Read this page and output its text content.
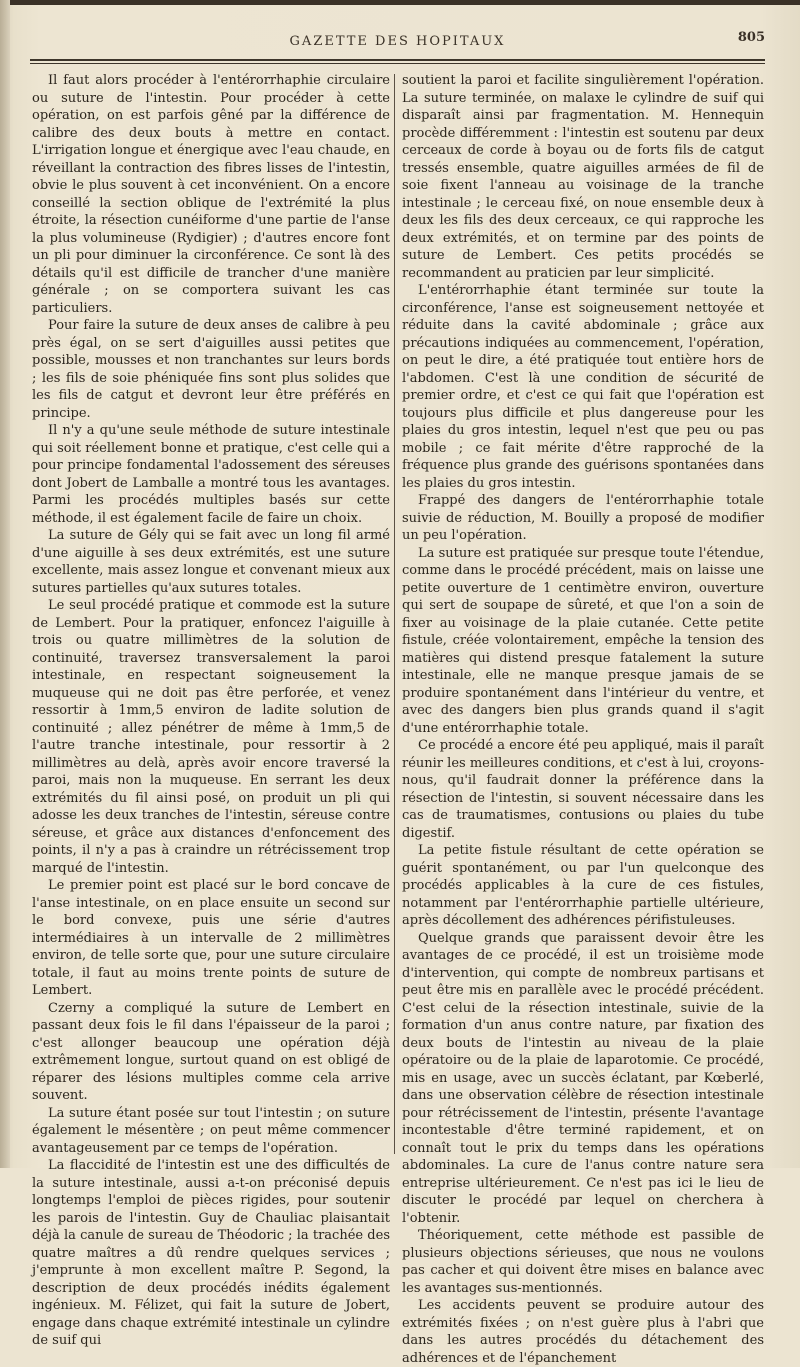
GAZETTE DES HOPITAUX	805

Il faut alors procéder à l'entérorrhaphie circulaire ou suture de l'intestin. Pour procéder à cette opération, on est parfois gêné par la différence de calibre des deux bouts à mettre en contact. L'irrigation longue et énergique avec l'eau chaude, en réveillant la contraction des fibres lisses de l'intestin, obvie le plus souvent à cet inconvénient. On a encore conseillé la section oblique de l'extrémité la plus étroite, la résection cunéiforme d'une partie de l'anse la plus volumineuse (Rydigier) ; d'autres encore font un pli pour diminuer la circonférence. Ce sont là des détails qu'il est difficile de trancher d'une manière générale ; on se comportera suivant les cas particuliers.

Pour faire la suture de deux anses de calibre à peu près égal, on se sert d'aiguilles aussi petites que possible, mousses et non tranchantes sur leurs bords ; les fils de soie phéniquée fins sont plus solides que les fils de catgut et devront leur être préférés en principe.

Il n'y a qu'une seule méthode de suture intestinale qui soit réellement bonne et pratique, c'est celle qui a pour principe fondamental l'adossement des séreuses dont Jobert de Lamballe a montré tous les avantages. Parmi les procédés multiples basés sur cette méthode, il est également facile de faire un choix.

La suture de Gély qui se fait avec un long fil armé d'une aiguille à ses deux extrémités, est une suture excellente, mais assez longue et convenant mieux aux sutures partielles qu'aux sutures totales.

Le seul procédé pratique et commode est la suture de Lembert. Pour la pratiquer, enfoncez l'aiguille à trois ou quatre millimètres de la solution de continuité, traversez transversalement la paroi intestinale, en respectant soigneusement la muqueuse qui ne doit pas être perforée, et venez ressortir à 1mm,5 environ de ladite solution de continuité ; allez pénétrer de même à 1mm,5 de l'autre tranche intestinale, pour ressortir à 2 millimètres au delà, après avoir encore traversé la paroi, mais non la muqueuse. En serrant les deux extrémités du fil ainsi posé, on produit un pli qui adosse les deux tranches de l'intestin, séreuse contre séreuse, et grâce aux distances d'enfoncement des points, il n'y a pas à craindre un rétrécissement trop marqué de l'intestin.

Le premier point est placé sur le bord concave de l'anse intestinale, on en place ensuite un second sur le bord convexe, puis une série d'autres intermédiaires à un intervalle de 2 millimètres environ, de telle sorte que, pour une suture circulaire totale, il faut au moins trente points de suture de Lembert.

Czerny a compliqué la suture de Lembert en passant deux fois le fil dans l'épaisseur de la paroi ; c'est allonger beaucoup une opération déjà extrêmement longue, surtout quand on est obligé de réparer des lésions multiples comme cela arrive souvent.

La suture étant posée sur tout l'intestin ; on suture également le mésentère ; on peut même commencer avantageusement par ce temps de l'opération.

La flaccidité de l'intestin est une des difficultés de la suture intestinale, aussi a-t-on préconisé depuis longtemps l'emploi de pièces rigides, pour soutenir les parois de l'intestin. Guy de Chauliac plaisantait déjà la canule de sureau de Théodoric ; la trachée des quatre maîtres a dû rendre quelques services ; j'emprunte à mon excellent maître P. Segond, la description de deux procédés inédits également ingénieux. M. Félizet, qui fait la suture de Jobert, engage dans chaque extrémité intestinale un cylindre de suif qui

soutient la paroi et facilite singulièrement l'opération. La suture terminée, on malaxe le cylindre de suif qui disparaît ainsi par fragmentation. M. Hennequin procède différemment : l'intestin est soutenu par deux cerceaux de corde à boyau ou de forts fils de catgut tressés ensemble, quatre aiguilles armées de fil de soie fixent l'anneau au voisinage de la tranche intestinale ; le cerceau fixé, on noue ensemble deux à deux les fils des deux cerceaux, ce qui rapproche les deux extrémités, et on termine par des points de suture de Lembert. Ces petits procédés se recommandent au praticien par leur simplicité.

L'entérorrhaphie étant terminée sur toute la circonférence, l'anse est soigneusement nettoyée et réduite dans la cavité abdominale ; grâce aux précautions indiquées au commencement, l'opération, on peut le dire, a été pratiquée tout entière hors de l'abdomen. C'est là une condition de sécurité de premier ordre, et c'est ce qui fait que l'opération est toujours plus difficile et plus dangereuse pour les plaies du gros intestin, lequel n'est que peu ou pas mobile ; ce fait mérite d'être rapproché de la fréquence plus grande des guérisons spontanées dans les plaies du gros intestin.

Frappé des dangers de l'entérorrhaphie totale suivie de réduction, M. Bouilly a proposé de modifier un peu l'opération.

La suture est pratiquée sur presque toute l'étendue, comme dans le procédé précédent, mais on laisse une petite ouverture de 1 centimètre environ, ouverture qui sert de soupape de sûreté, et que l'on a soin de fixer au voisinage de la plaie cutanée. Cette petite fistule, créée volontairement, empêche la tension des matières qui distend presque fatalement la suture intestinale, elle ne manque presque jamais de se produire spontanément dans l'intérieur du ventre, et avec des dangers bien plus grands quand il s'agit d'une entérorrhaphie totale.

Ce procédé a encore été peu appliqué, mais il paraît réunir les meilleures conditions, et c'est à lui, croyons-nous, qu'il faudrait donner la préférence dans la résection de l'intestin, si souvent nécessaire dans les cas de traumatismes, contusions ou plaies du tube digestif.

La petite fistule résultant de cette opération se guérit spontanément, ou par l'un quelconque des procédés applicables à la cure de ces fistules, notamment par l'entérorrhaphie partielle ultérieure, après décollement des adhérences périfistuleuses.

Quelque grands que paraissent devoir être les avantages de ce procédé, il est un troisième mode d'intervention, qui compte de nombreux partisans et peut être mis en parallèle avec le procédé précédent. C'est celui de la résection intestinale, suivie de la formation d'un anus contre nature, par fixation des deux bouts de l'intestin au niveau de la plaie opératoire ou de la plaie de laparotomie. Ce procédé, mis en usage, avec un succès éclatant, par Kœberlé, dans une observation célèbre de résection intestinale pour rétrécissement de l'intestin, présente l'avantage incontestable d'être terminé rapidement, et on connaît tout le prix du temps dans les opérations abdominales. La cure de l'anus contre nature sera entreprise ultérieurement. Ce n'est pas ici le lieu de discuter le procédé par lequel on cherchera à l'obtenir.

Théoriquement, cette méthode est passible de plusieurs objections sérieuses, que nous ne voulons pas cacher et qui doivent être mises en balance avec les avantages sus-mentionnés.

Les accidents peuvent se produire autour des extrémités fixées ; on n'est guère plus à l'abri que dans les autres procédés du détachement des adhérences et de l'épanchement
